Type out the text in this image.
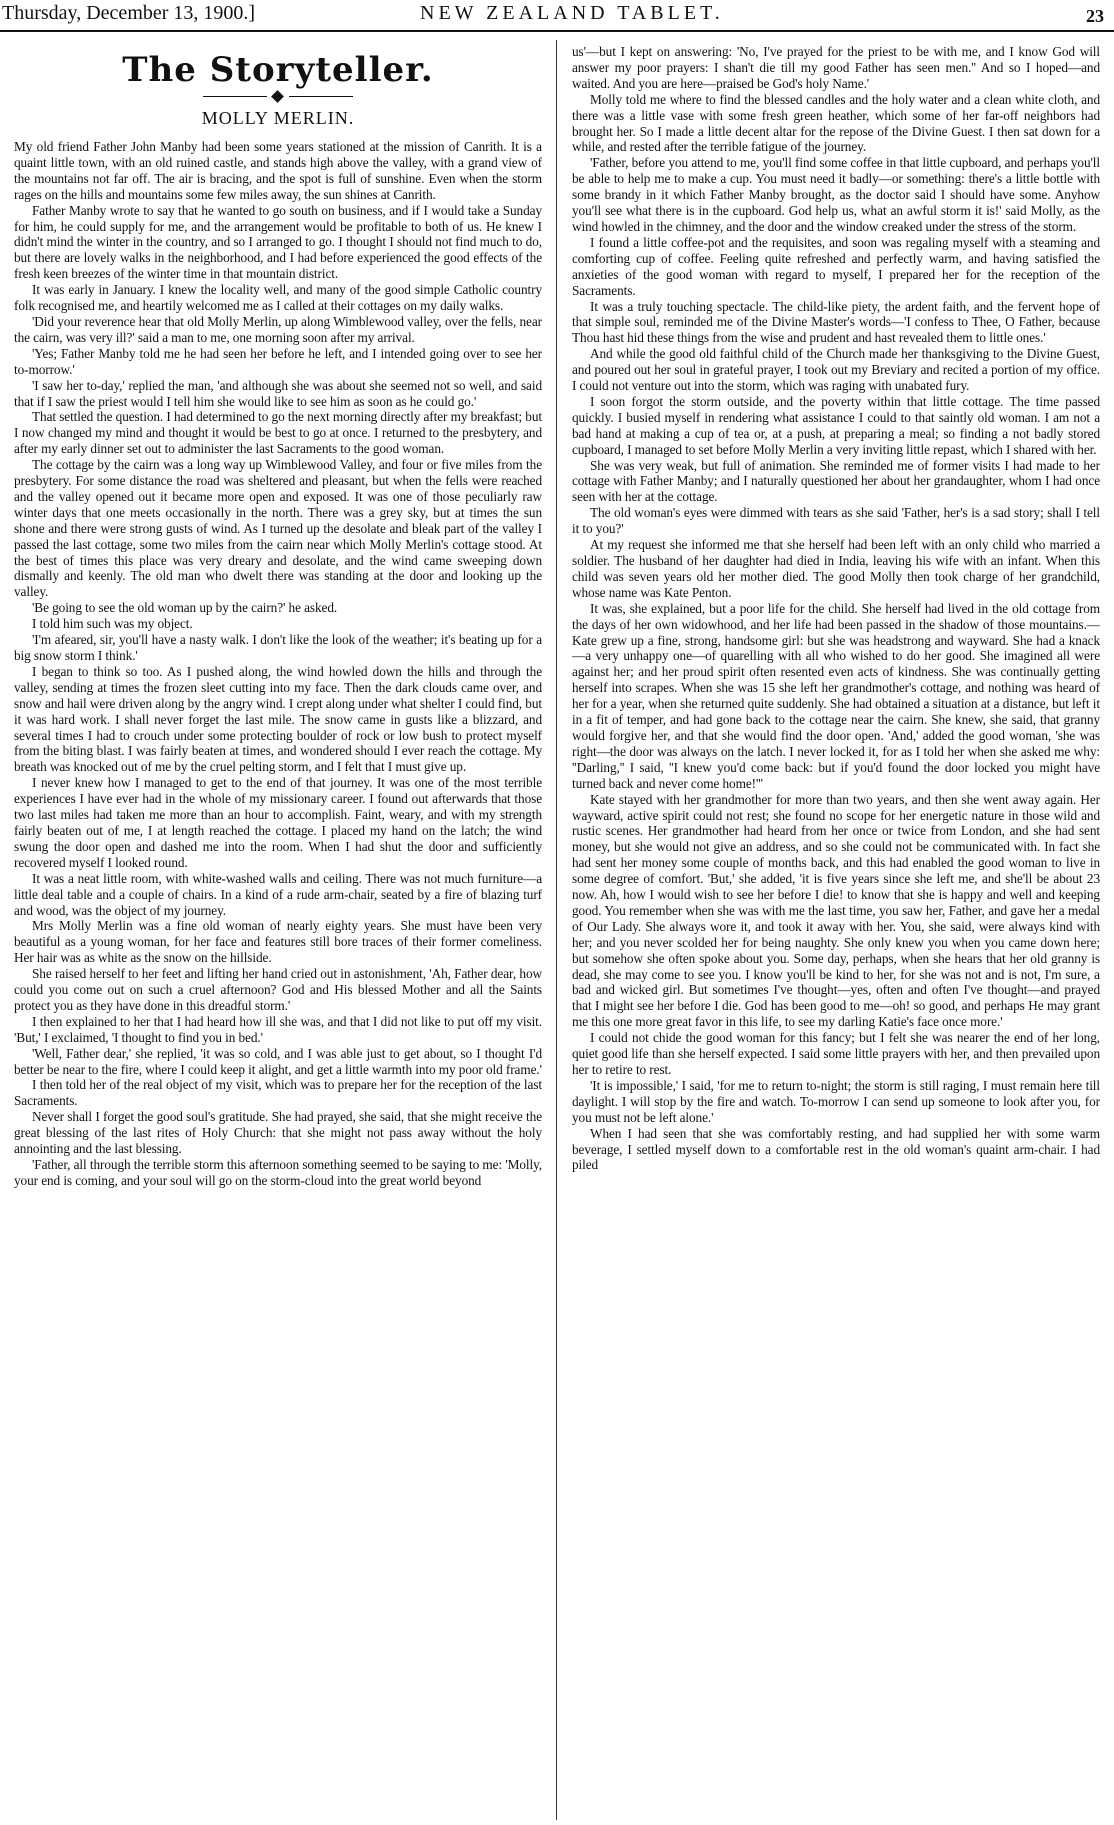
Thursday, December 13, 1900.]	NEW ZEALAND TABLET.	23
The Storyteller.
MOLLY MERLIN.

My old friend Father John Manby had been some years stationed at the mission of Canrith. It is a quaint little town, with an old ruined castle, and stands high above the valley, with a grand view of the mountains not far off. The air is bracing, and the spot is full of sunshine. Even when the storm rages on the hills and mountains some few miles away, the sun shines at Canrith.

Father Manby wrote to say that he wanted to go south on business, and if I would take a Sunday for him, he could supply for me, and the arrangement would be profitable to both of us. He knew I didn't mind the winter in the country, and so I arranged to go. I thought I should not find much to do, but there are lovely walks in the neighborhood, and I had before experienced the good effects of the fresh keen breezes of the winter time in that mountain district.

It was early in January. I knew the locality well, and many of the good simple Catholic country folk recognised me, and heartily welcomed me as I called at their cottages on my daily walks.

'Did your reverence hear that old Molly Merlin, up along Wimblewood valley, over the fells, near the cairn, was very ill?' said a man to me, one morning soon after my arrival.

'Yes; Father Manby told me he had seen her before he left, and I intended going over to see her to-morrow.'

'I saw her to-day,' replied the man, 'and although she was about she seemed not so well, and said that if I saw the priest would I tell him she would like to see him as soon as he could go.'

That settled the question. I had determined to go the next morning directly after my breakfast; but I now changed my mind and thought it would be best to go at once. I returned to the presbytery, and after my early dinner set out to administer the last Sacraments to the good woman.

The cottage by the cairn was a long way up Wimblewood Valley, and four or five miles from the presbytery. For some distance the road was sheltered and pleasant, but when the fells were reached and the valley opened out it became more open and exposed. It was one of those peculiarly raw winter days that one meets occasionally in the north. There was a grey sky, but at times the sun shone and there were strong gusts of wind. As I turned up the desolate and bleak part of the valley I passed the last cottage, some two miles from the cairn near which Molly Merlin's cottage stood. At the best of times this place was very dreary and desolate, and the wind came sweeping down dismally and keenly. The old man who dwelt there was standing at the door and looking up the valley.

'Be going to see the old woman up by the cairn?' he asked.

I told him such was my object.

'I'm afeared, sir, you'll have a nasty walk. I don't like the look of the weather; it's beating up for a big snow storm I think.'

I began to think so too. As I pushed along, the wind howled down the hills and through the valley, sending at times the frozen sleet cutting into my face. Then the dark clouds came over, and snow and hail were driven along by the angry wind. I crept along under what shelter I could find, but it was hard work. I shall never forget the last mile. The snow came in gusts like a blizzard, and several times I had to crouch under some protecting boulder of rock or low bush to protect myself from the biting blast. I was fairly beaten at times, and wondered should I ever reach the cottage. My breath was knocked out of me by the cruel pelting storm, and I felt that I must give up.

I never knew how I managed to get to the end of that journey. It was one of the most terrible experiences I have ever had in the whole of my missionary career. I found out afterwards that those two last miles had taken me more than an hour to accomplish. Faint, weary, and with my strength fairly beaten out of me, I at length reached the cottage. I placed my hand on the latch; the wind swung the door open and dashed me into the room. When I had shut the door and sufficiently recovered myself I looked round.

It was a neat little room, with white-washed walls and ceiling. There was not much furniture—a little deal table and a couple of chairs. In a kind of a rude arm-chair, seated by a fire of blazing turf and wood, was the object of my journey.

Mrs Molly Merlin was a fine old woman of nearly eighty years. She must have been very beautiful as a young woman, for her face and features still bore traces of their former comeliness. Her hair was as white as the snow on the hillside.

She raised herself to her feet and lifting her hand cried out in astonishment, 'Ah, Father dear, how could you come out on such a cruel afternoon? God and His blessed Mother and all the Saints protect you as they have done in this dreadful storm.'

I then explained to her that I had heard how ill she was, and that I did not like to put off my visit. 'But,' I exclaimed, 'I thought to find you in bed.'

'Well, Father dear,' she replied, 'it was so cold, and I was able just to get about, so I thought I'd better be near to the fire, where I could keep it alight, and get a little warmth into my poor old frame.'

I then told her of the real object of my visit, which was to prepare her for the reception of the last Sacraments.

Never shall I forget the good soul's gratitude. She had prayed, she said, that she might receive the great blessing of the last rites of Holy Church: that she might not pass away without the holy annointing and the last blessing.

'Father, all through the terrible storm this afternoon something seemed to be saying to me: 'Molly, your end is coming, and your soul will go on the storm-cloud into the great world beyond

us'—but I kept on answering: 'No, I've prayed for the priest to be with me, and I know God will answer my poor prayers: I shan't die till my good Father has seen men.'' And so I hoped—and waited. And you are here—praised be God's holy Name.'

Molly told me where to find the blessed candles and the holy water and a clean white cloth, and there was a little vase with some fresh green heather, which some of her far-off neighbors had brought her. So I made a little decent altar for the repose of the Divine Guest. I then sat down for a while, and rested after the terrible fatigue of the journey.

'Father, before you attend to me, you'll find some coffee in that little cupboard, and perhaps you'll be able to help me to make a cup. You must need it badly—or something: there's a little bottle with some brandy in it which Father Manby brought, as the doctor said I should have some. Anyhow you'll see what there is in the cupboard. God help us, what an awful storm it is!' said Molly, as the wind howled in the chimney, and the door and the window creaked under the stress of the storm.

I found a little coffee-pot and the requisites, and soon was regaling myself with a steaming and comforting cup of coffee. Feeling quite refreshed and perfectly warm, and having satisfied the anxieties of the good woman with regard to myself, I prepared her for the reception of the Sacraments.

It was a truly touching spectacle. The child-like piety, the ardent faith, and the fervent hope of that simple soul, reminded me of the Divine Master's words—'I confess to Thee, O Father, because Thou hast hid these things from the wise and prudent and hast revealed them to little ones.'

And while the good old faithful child of the Church made her thanksgiving to the Divine Guest, and poured out her soul in grateful prayer, I took out my Breviary and recited a portion of my office. I could not venture out into the storm, which was raging with unabated fury.

I soon forgot the storm outside, and the poverty within that little cottage. The time passed quickly. I busied myself in rendering what assistance I could to that saintly old woman. I am not a bad hand at making a cup of tea or, at a push, at preparing a meal; so finding a not badly stored cupboard, I managed to set before Molly Merlin a very inviting little repast, which I shared with her.

She was very weak, but full of animation. She reminded me of former visits I had made to her cottage with Father Manby; and I naturally questioned her about her grandaughter, whom I had once seen with her at the cottage.

The old woman's eyes were dimmed with tears as she said 'Father, her's is a sad story; shall I tell it to you?'

At my request she informed me that she herself had been left with an only child who married a soldier. The husband of her daughter had died in India, leaving his wife with an infant. When this child was seven years old her mother died. The good Molly then took charge of her grandchild, whose name was Kate Penton.

It was, she explained, but a poor life for the child. She herself had lived in the old cottage from the days of her own widowhood, and her life had been passed in the shadow of those mountains.—Kate grew up a fine, strong, handsome girl: but she was headstrong and wayward. She had a knack—a very unhappy one—of quarelling with all who wished to do her good. She imagined all were against her; and her proud spirit often resented even acts of kindness. She was continually getting herself into scrapes. When she was 15 she left her grandmother's cottage, and nothing was heard of her for a year, when she returned quite suddenly. She had obtained a situation at a distance, but left it in a fit of temper, and had gone back to the cottage near the cairn. She knew, she said, that granny would forgive her, and that she would find the door open. 'And,' added the good woman, 'she was right—the door was always on the latch. I never locked it, for as I told her when she asked me why: ''Darling,'' I said, ''I knew you'd come back: but if you'd found the door locked you might have turned back and never come home!'''

Kate stayed with her grandmother for more than two years, and then she went away again. Her wayward, active spirit could not rest; she found no scope for her energetic nature in those wild and rustic scenes. Her grandmother had heard from her once or twice from London, and she had sent money, but she would not give an address, and so she could not be communicated with. In fact she had sent her money some couple of months back, and this had enabled the good woman to live in some degree of comfort. 'But,' she added, 'it is five years since she left me, and she'll be about 23 now. Ah, how I would wish to see her before I die! to know that she is happy and well and keeping good. You remember when she was with me the last time, you saw her, Father, and gave her a medal of Our Lady. She always wore it, and took it away with her. You, she said, were always kind with her; and you never scolded her for being naughty. She only knew you when you came down here; but somehow she often spoke about you. Some day, perhaps, when she hears that her old granny is dead, she may come to see you. I know you'll be kind to her, for she was not and is not, I'm sure, a bad and wicked girl. But sometimes I've thought—yes, often and often I've thought—and prayed that I might see her before I die. God has been good to me—oh! so good, and perhaps He may grant me this one more great favor in this life, to see my darling Katie's face once more.'

I could not chide the good woman for this fancy; but I felt she was nearer the end of her long, quiet good life than she herself expected. I said some little prayers with her, and then prevailed upon her to retire to rest.

'It is impossible,' I said, 'for me to return to-night; the storm is still raging, I must remain here till daylight. I will stop by the fire and watch. To-morrow I can send up someone to look after you, for you must not be left alone.'

When I had seen that she was comfortably resting, and had supplied her with some warm beverage, I settled myself down to a comfortable rest in the old woman's quaint arm-chair. I had piled
